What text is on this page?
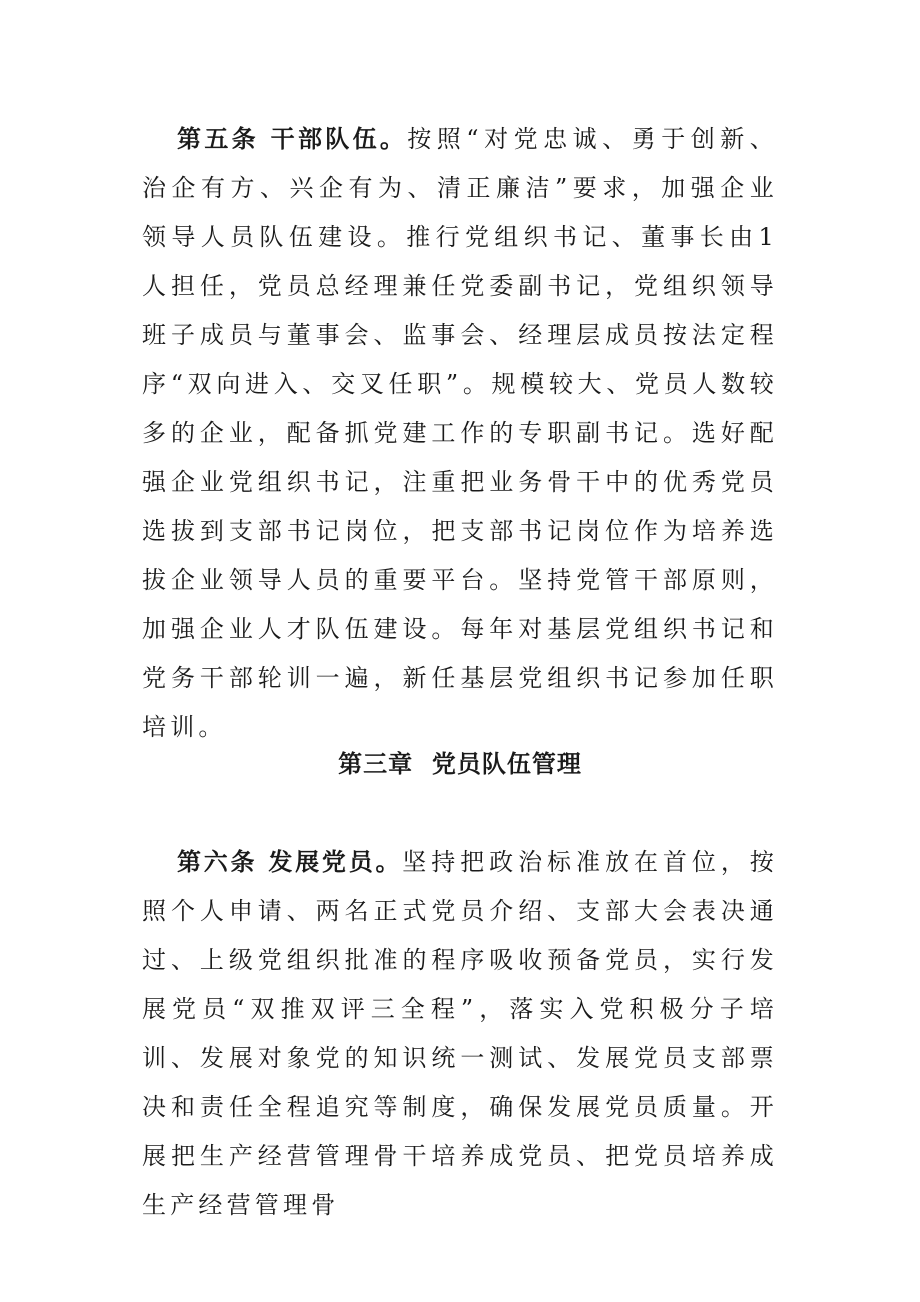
第五条 干部队伍。按照“对党忠诚、勇于创新、治企有方、兴企有为、清正廉洁”要求，加强企业领导人员队伍建设。推行党组织书记、董事长由1人担任，党员总经理兼任党委副书记，党组织领导班子成员与董事会、监事会、经理层成员按法定程序“双向进入、交叉任职”。规模较大、党员人数较多的企业，配备抓党建工作的专职副书记。选好配强企业党组织书记，注重把业务骨干中的优秀党员选拔到支部书记岗位，把支部书记岗位作为培养选拔企业领导人员的重要平台。坚持党管干部原则，加强企业人才队伍建设。每年对基层党组织书记和党务干部轮训一遍，新任基层党组织书记参加任职培训。

第三章  党员队伍管理

第六条 发展党员。坚持把政治标准放在首位，按照个人申请、两名正式党员介绍、支部大会表决通过、上级党组织批准的程序吸收预备党员，实行发展党员“双推双评三全程”，落实入党积极分子培训、发展对象党的知识统一测试、发展党员支部票决和责任全程追究等制度，确保发展党员质量。开展把生产经营管理骨干培养成党员、把党员培养成生产经营管理骨
